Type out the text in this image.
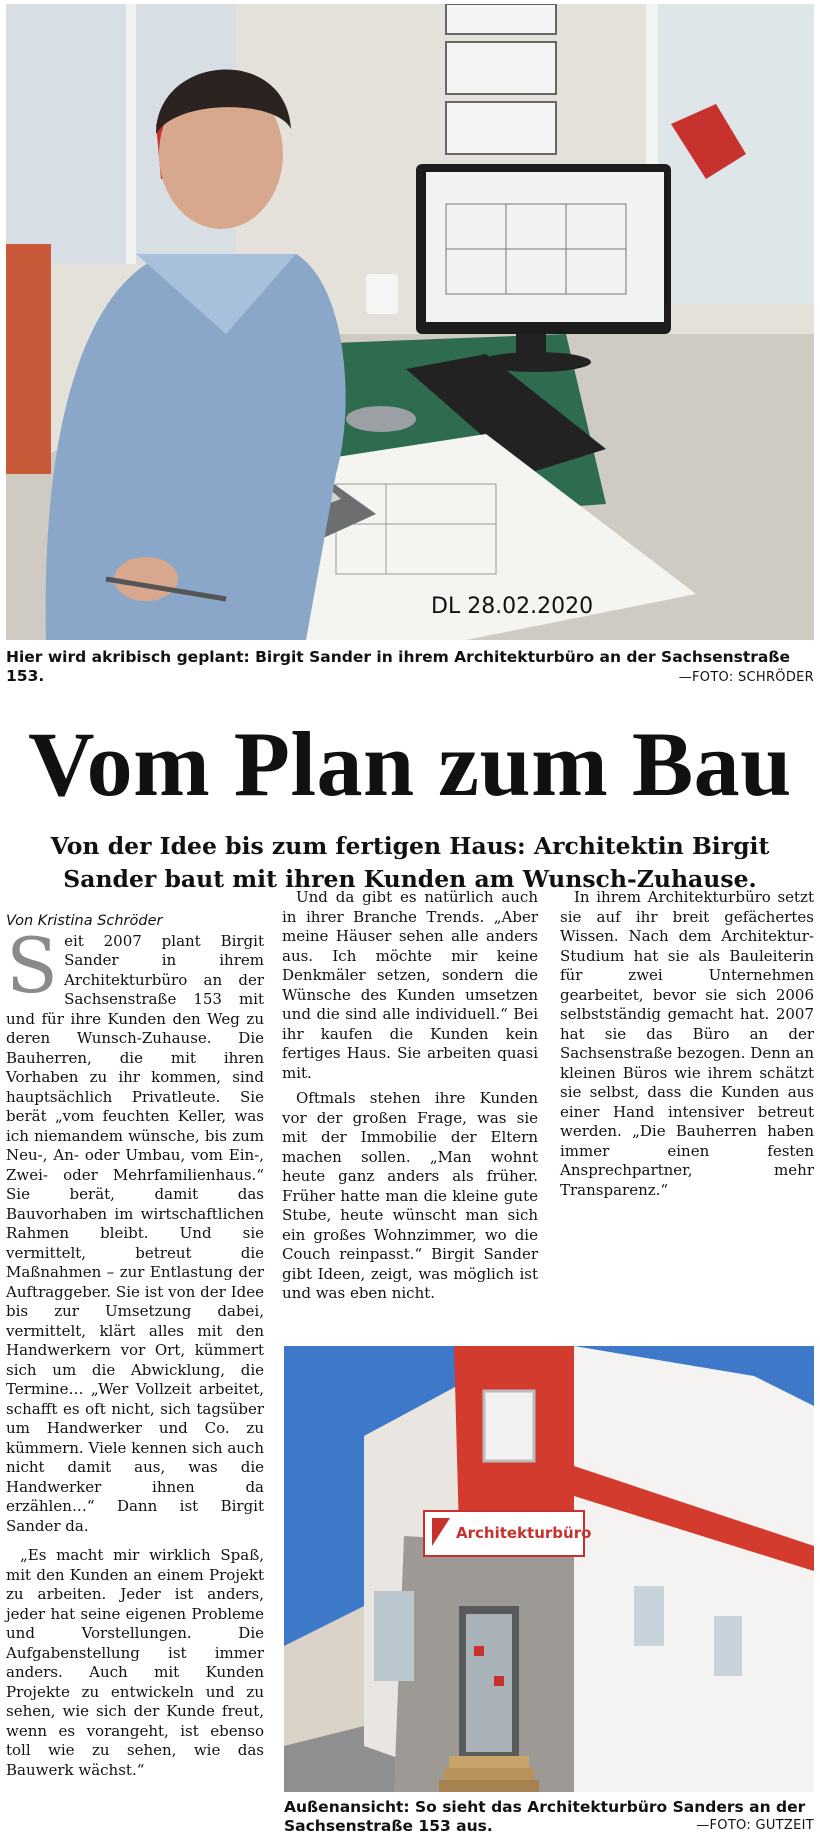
DL 28.02.2020
Hier wird akribisch geplant: Birgit Sander in ihrem Architekturbüro an der Sachsenstraße 153.	—FOTO: SCHRÖDER
Vom Plan zum Bau
Von der Idee bis zum fertigen Haus: Architektin Birgit Sander baut mit ihren Kunden am Wunsch-Zuhause.

Von Kristina Schröder

Seit 2007 plant Birgit Sander in ihrem Architekturbüro an der Sachsenstraße 153 mit und für ihre Kunden den Weg zu deren Wunsch-Zuhause. Die Bauherren, die mit ihren Vorhaben zu ihr kommen, sind hauptsächlich Privatleute. Sie berät „vom feuchten Keller, was ich niemandem wünsche, bis zum Neu-, An- oder Umbau, vom Ein-, Zwei- oder Mehrfamilienhaus.“ Sie berät, damit das Bauvorhaben im wirtschaftlichen Rahmen bleibt. Und sie vermittelt, betreut die Maßnahmen – zur Entlastung der Auftraggeber. Sie ist von der Idee bis zur Umsetzung dabei, vermittelt, klärt alles mit den Handwerkern vor Ort, kümmert sich um die Abwicklung, die Termine… „Wer Vollzeit arbeitet, schafft es oft nicht, sich tagsüber um Handwerker und Co. zu kümmern. Viele kennen sich auch nicht damit aus, was die Handwerker ihnen da erzählen…“ Dann ist Birgit Sander da.

„Es macht mir wirklich Spaß, mit den Kunden an einem Projekt zu arbeiten. Jeder ist anders, jeder hat seine eigenen Probleme und Vorstellungen. Die Aufgabenstellung ist immer anders. Auch mit Kunden Projekte zu entwickeln und zu sehen, wie sich der Kunde freut, wenn es vorangeht, ist ebenso toll wie zu sehen, wie das Bauwerk wächst.“

Und da gibt es natürlich auch in ihrer Branche Trends. „Aber meine Häuser sehen alle anders aus. Ich möchte mir keine Denkmäler setzen, sondern die Wünsche des Kunden umsetzen und die sind alle individuell.“ Bei ihr kaufen die Kunden kein fertiges Haus. Sie arbeiten quasi mit.

Oftmals stehen ihre Kunden vor der großen Frage, was sie mit der Immobilie der Eltern machen sollen. „Man wohnt heute ganz anders als früher. Früher hatte man die kleine gute Stube, heute wünscht man sich ein großes Wohnzimmer, wo die Couch reinpasst.“ Birgit Sander gibt Ideen, zeigt, was möglich ist und was eben nicht.

In ihrem Architekturbüro setzt sie auf ihr breit gefächertes Wissen. Nach dem Architektur-Studium hat sie als Bauleiterin für zwei Unternehmen gearbeitet, bevor sie sich 2006 selbstständig gemacht hat. 2007 hat sie das Büro an der Sachsenstraße bezogen. Denn an kleinen Büros wie ihrem schätzt sie selbst, dass die Kunden aus einer Hand intensiver betreut werden. „Die Bauherren haben immer einen festen Ansprechpartner, mehr Transparenz.“

Architekturbüro
Außenansicht: So sieht das Architekturbüro Sanders an der Sachsenstraße 153 aus.	—FOTO: GUTZEIT
